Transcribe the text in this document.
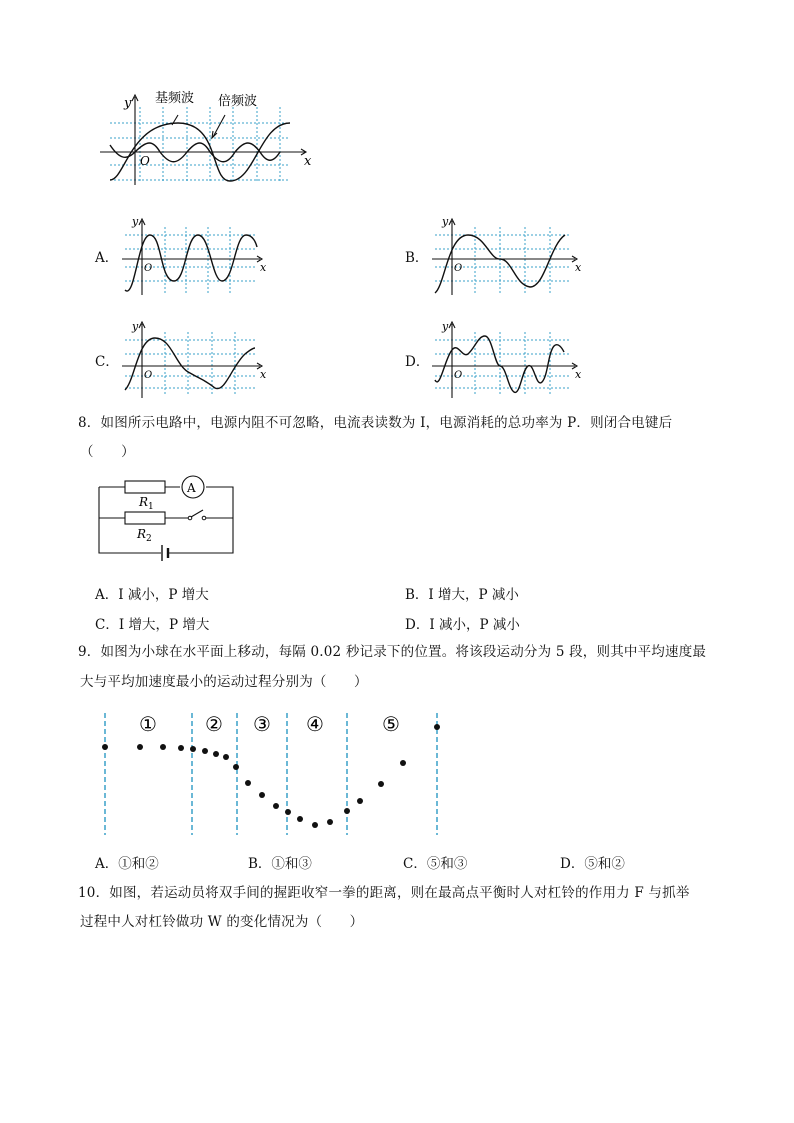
y
x
O
基频波 倍频波
A．
y
x
O
B．
y
x
O
C．
y
x
O
D．
y
x
O
8．如图所示电路中，电源内阻不可忽略，电流表读数为 I，电源消耗的总功率为 P．则闭合电键后
（　　）
A
$R_1$
$R_2$
A．I 减小，P 增大	B．I 增大，P 减小
C．I 增大，P 增大	D．I 减小，P 减小
9．如图为小球在水平面上移动，每隔 0.02 秒记录下的位置。将该段运动分为 5 段，则其中平均速度最
大与平均加速度最小的运动过程分别为（　　）
① ② ③ ④	⑤
A．①和②	B．①和③	C．⑤和③	D．⑤和②
10．如图，若运动员将双手间的握距收窄一拳的距离，则在最高点平衡时人对杠铃的作用力 F 与抓举
过程中人对杠铃做功 W 的变化情况为（　　）
